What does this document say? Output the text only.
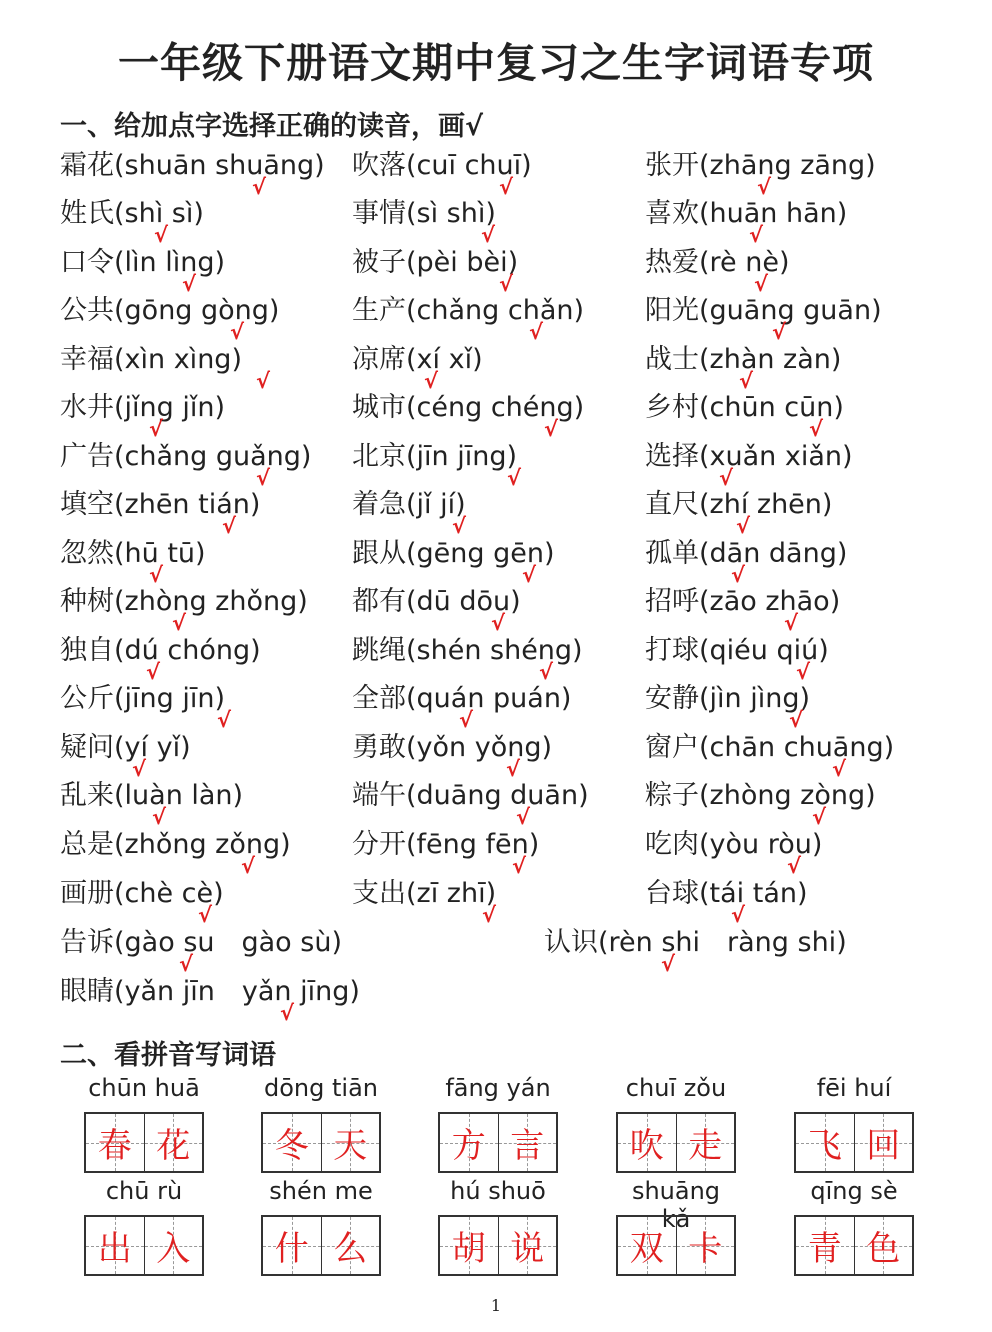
一年级下册语文期中复习之生字词语专项
一、给加点字选择正确的读音，画√
霜花(shuān shuāng)
√
吹落(cuī chuī)
√
张开(zhāng zāng)
√
姓氏(shì sì)
√
事情(sì shì)
√
喜欢(huān hān)
√
口令(lìn lìng)
√
被子(pèi bèi)
√
热爱(rè nè)
√
公共(gōng gòng)
√
生产(chǎng chǎn)
√
阳光(guāng guān)
√
幸福(xìn xìng)
√
凉席(xí xǐ)
√
战士(zhàn zàn)
√
水井(jǐng jǐn)
√
城市(céng chéng)
√
乡村(chūn cūn)
√
广告(chǎng guǎng)
√
北京(jīn jīng)
√
选择(xuǎn xiǎn)
√
填空(zhēn tián)
√
着急(jǐ jí)
√
直尺(zhí zhēn)
√
忽然(hū tū)
√
跟从(gēng gēn)
√
孤单(dān dāng)
√
种树(zhòng zhǒng)
√
都有(dū dōu)
√
招呼(zāo zhāo)
√
独自(dú chóng)
√
跳绳(shén shéng)
√
打球(qiéu qiú)
√
公斤(jīng jīn)
√
全部(quán puán)
√
安静(jìn jìng)
√
疑问(yí yǐ)
√
勇敢(yǒn yǒng)
√
窗户(chān chuāng)
√
乱来(luàn làn)
√
端午(duāng duān)
√
粽子(zhòng zòng)
√
总是(zhǒng zǒng)
√
分开(fēng fēn)
√
吃肉(yòu ròu)
√
画册(chè cè)
√
支出(zī zhī)
√
台球(tái tán)
√
告诉(gào su　gào sù)
√
认识(rèn shi　ràng shi)
√
眼睛(yǎn jīn　yǎn jīng)
√
二、看拼音写词语
chūn huā
春 花
dōng tiān
冬 天
fāng yán
方 言
chuī zǒu
吹 走
fēi huí
飞 回
chū rù
出 入
shén me
什 么
hú shuō
胡 说
shuāng kǎ
双 卡
qīng sè
青 色
1
